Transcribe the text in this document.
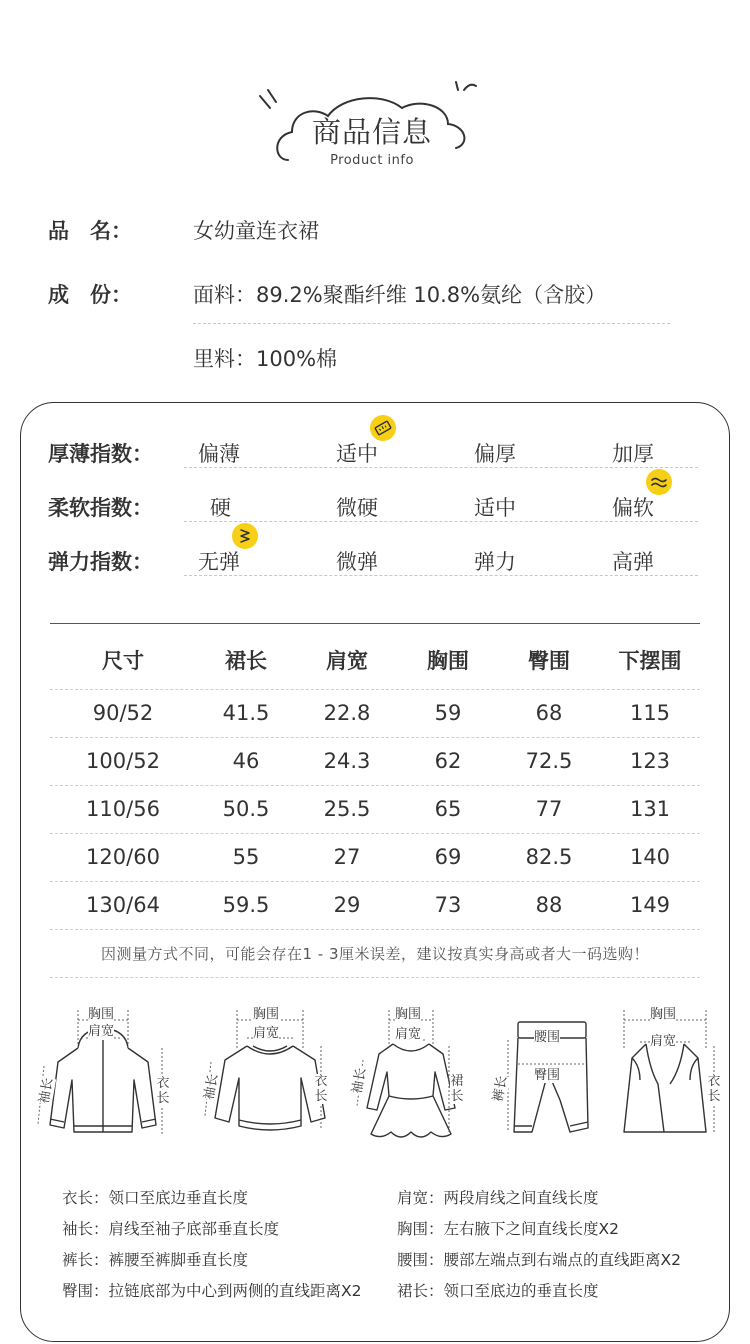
商品信息
Product info
品　名：	女幼童连衣裙
成　份：	面料：89.2%聚酯纤维 10.8%氨纶（含胶）
里料：100%棉
厚薄指数： 偏薄	适中	偏厚	加厚
柔软指数：	硬	微硬	适中	偏软
弹力指数： 无弹	微弹	弹力	高弹
尺寸	裙长	肩宽	胸围	臀围	下摆围
90/52	41.5	22.8	59	68	115
100/52	46	24.3	62	72.5	123
110/56	50.5	25.5	65	77	131
120/60	55	27	69	82.5	140
130/64	59.5	29	73	88	149
因测量方式不同，可能会存在1 - 3厘米误差，建议按真实身高或者大一码选购！
胸围
肩宽
袖长	衣长
胸围
肩宽
袖长	衣长
胸围
肩宽
袖长	裙长
腰围
臀围
裤长
胸围
肩宽
衣长
衣长：领口至底边垂直长度
袖长：肩线至袖子底部垂直长度
裤长：裤腰至裤脚垂直长度
臀围：拉链底部为中心到两侧的直线距离X2
肩宽：两段肩线之间直线长度
胸围：左右腋下之间直线长度X2
腰围：腰部左端点到右端点的直线距离X2
裙长：领口至底边的垂直长度
